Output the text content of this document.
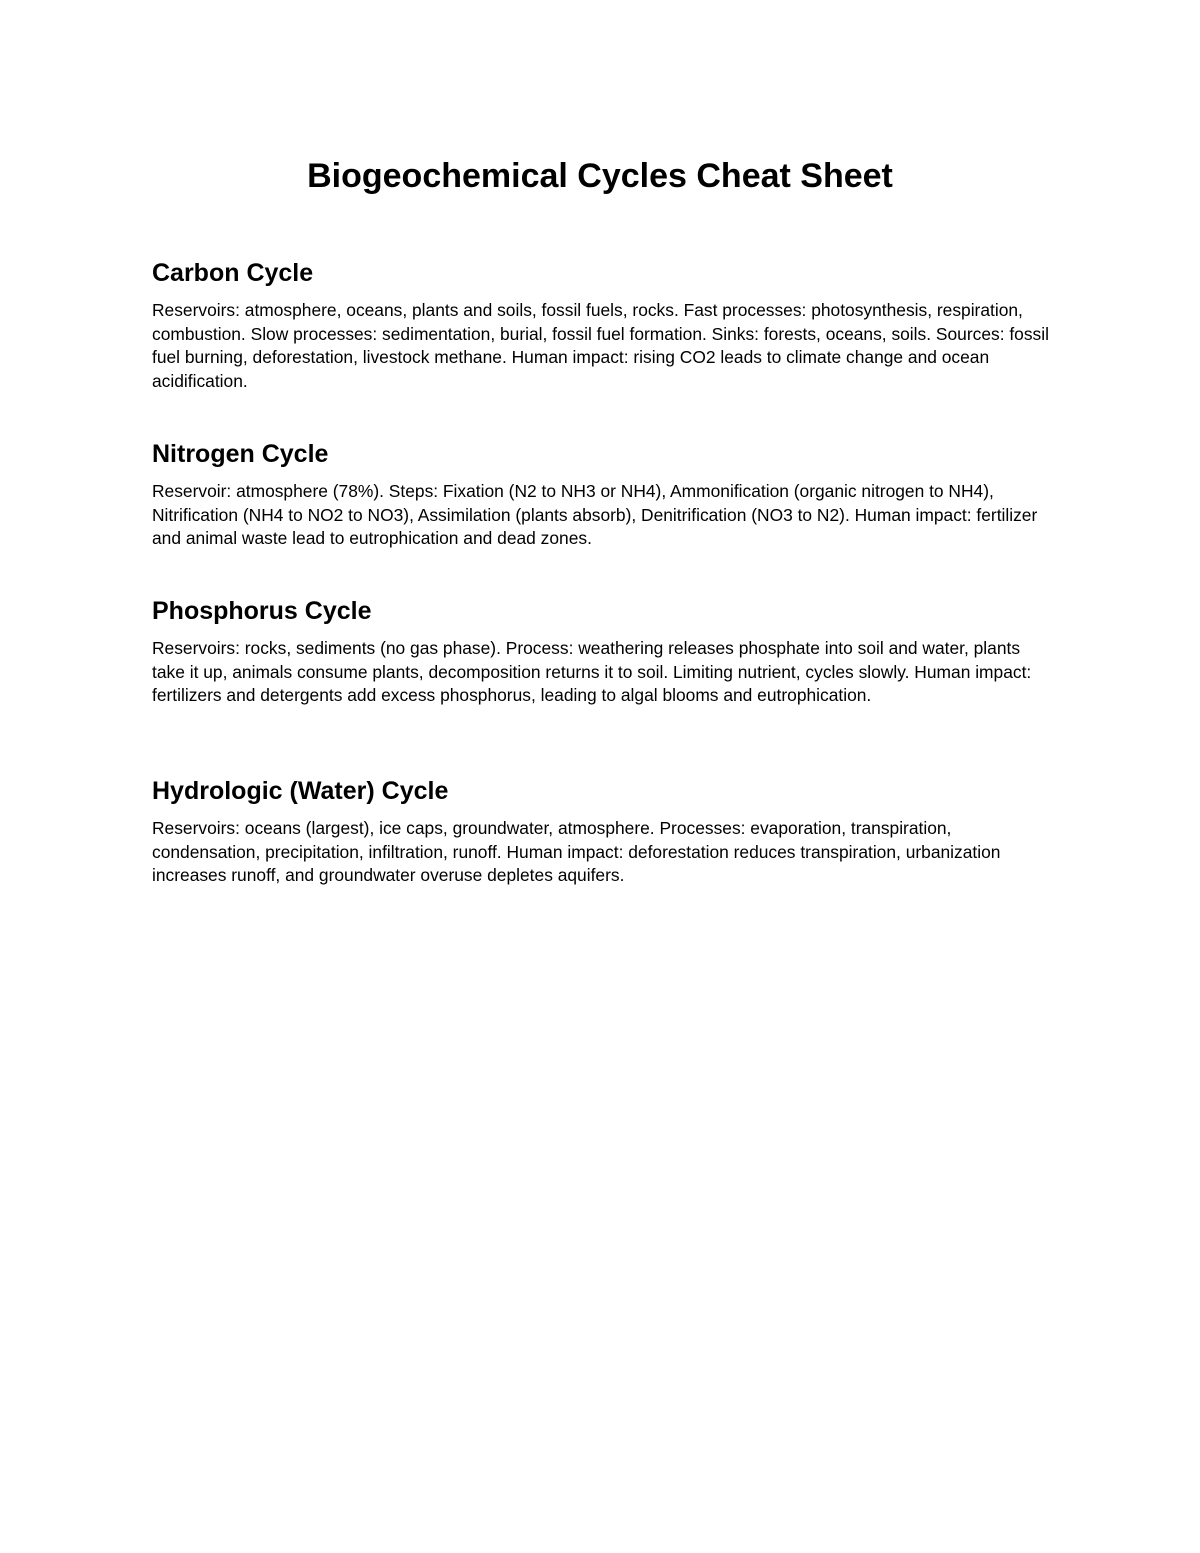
Biogeochemical Cycles Cheat Sheet
Carbon Cycle

Reservoirs: atmosphere, oceans, plants and soils, fossil fuels, rocks. Fast processes: photosynthesis, respiration, combustion. Slow processes: sedimentation, burial, fossil fuel formation. Sinks: forests, oceans, soils. Sources: fossil fuel burning, deforestation, livestock methane. Human impact: rising CO2 leads to climate change and ocean acidification.

Nitrogen Cycle

Reservoir: atmosphere (78%). Steps: Fixation (N2 to NH3 or NH4), Ammonification (organic nitrogen to NH4), Nitrification (NH4 to NO2 to NO3), Assimilation (plants absorb), Denitrification (NO3 to N2). Human impact: fertilizer and animal waste lead to eutrophication and dead zones.

Phosphorus Cycle

Reservoirs: rocks, sediments (no gas phase). Process: weathering releases phosphate into soil and water, plants take it up, animals consume plants, decomposition returns it to soil. Limiting nutrient, cycles slowly. Human impact: fertilizers and detergents add excess phosphorus, leading to algal blooms and eutrophication.

Hydrologic (Water) Cycle

Reservoirs: oceans (largest), ice caps, groundwater, atmosphere. Processes: evaporation, transpiration, condensation, precipitation, infiltration, runoff. Human impact: deforestation reduces transpiration, urbanization increases runoff, and groundwater overuse depletes aquifers.
